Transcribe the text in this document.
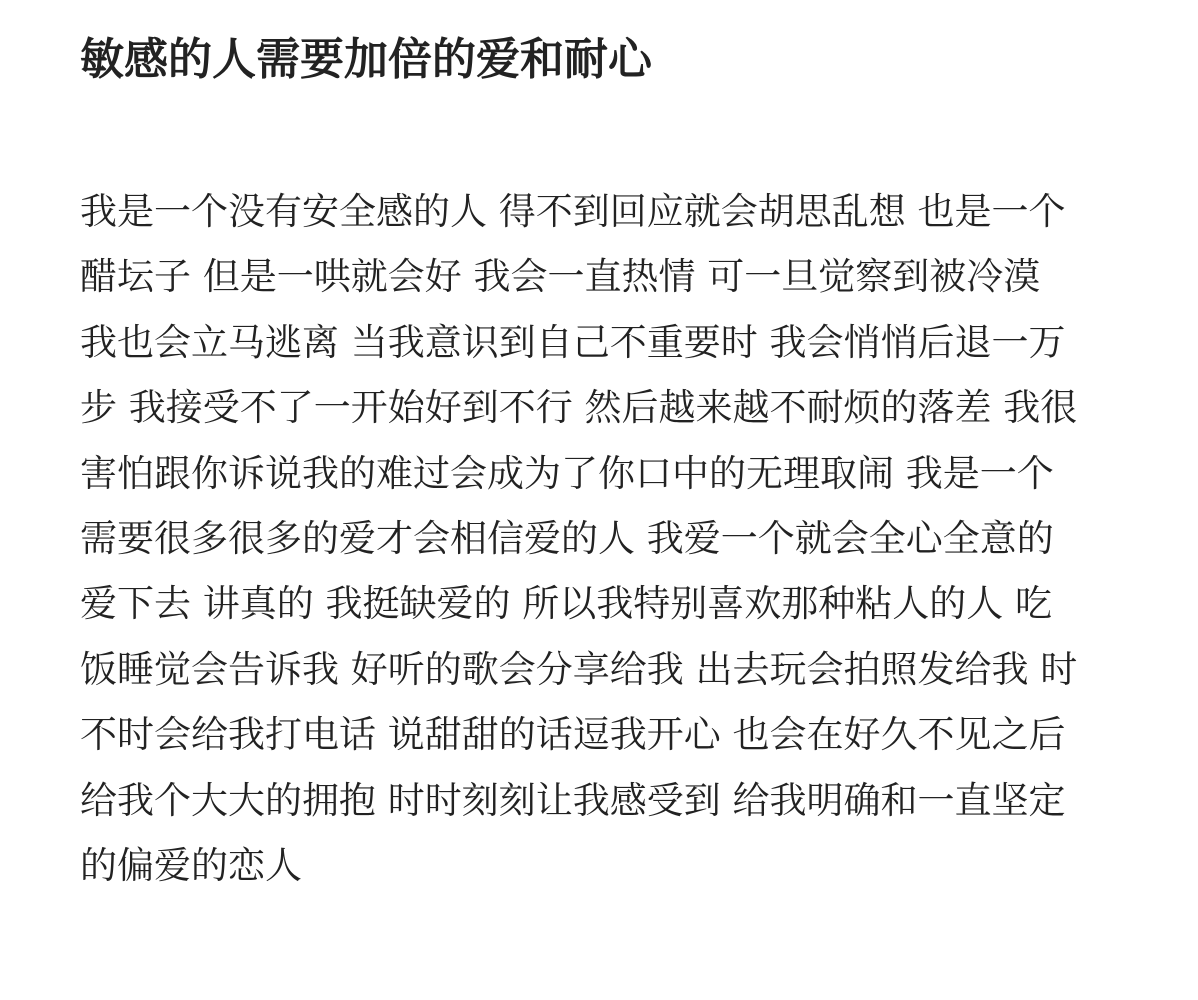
敏感的人需要加倍的爱和耐心
我是一个没有安全感的人 得不到回应就会胡思乱想 也是一个
醋坛子 但是一哄就会好 我会一直热情 可一旦觉察到被冷漠
我也会立马逃离 当我意识到自己不重要时 我会悄悄后退一万
步 我接受不了一开始好到不行 然后越来越不耐烦的落差 我很
害怕跟你诉说我的难过会成为了你口中的无理取闹 我是一个
需要很多很多的爱才会相信爱的人 我爱一个就会全心全意的
爱下去 讲真的 我挺缺爱的 所以我特别喜欢那种粘人的人 吃
饭睡觉会告诉我 好听的歌会分享给我 出去玩会拍照发给我 时
不时会给我打电话 说甜甜的话逗我开心 也会在好久不见之后
给我个大大的拥抱 时时刻刻让我感受到 给我明确和一直坚定
的偏爱的恋人
